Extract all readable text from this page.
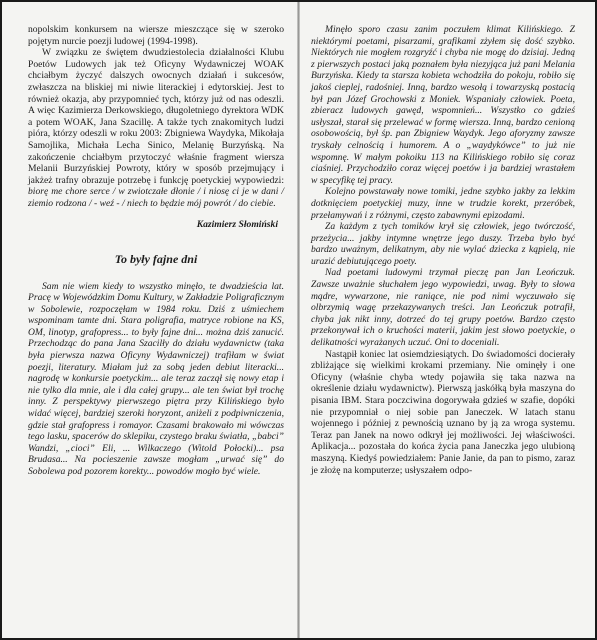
nopolskim konkursem na wiersze mieszczące się w szeroko pojętym nurcie poezji ludowej (1994-1998).

W związku ze świętem dwudziestolecia działalności Klubu Poetów Ludowych jak też Oficyny Wydawniczej WOAK chciałbym życzyć dalszych owocnych działań i sukcesów, zwłaszcza na bliskiej mi niwie literackiej i edytorskiej. Jest to również okazja, aby przypomnieć tych, którzy już od nas odeszli. A więc Kazimierza Derkowskiego, długoletniego dyrektora WDK a potem WOAK, Jana Szacillę. A także tych znakomitych ludzi pióra, którzy odeszli w roku 2003: Zbigniewa Waydyka, Mikołaja Samojlika, Michała Lecha Sinico, Melanię Burzyńską. Na zakończenie chciałbym przytoczyć właśnie fragment wiersza Melanii Burzyńskiej Powroty, który w sposób przejmujący i jakżeż trafny obrazuje potrzebę i funkcję poetyckiej wypowiedzi: biorę me chore serce / w zwiotczałe dłonie / i niosę ci je w dani / ziemio rodzona / - weź - / niech to będzie mój powrót / do ciebie.

Kazimierz Słomiński
To były fajne dni

Sam nie wiem kiedy to wszystko minęło, te dwadzieścia lat. Pracę w Wojewódzkim Domu Kultury, w Zakładzie Poligraficznym w Sobolewie, rozpoczęłam w 1984 roku. Dziś z uśmiechem wspominam tamte dni. Stara poligrafia, matryce robione na KS, OM, linotyp, grafopress... to były fajne dni... można dziś zanucić. Przechodząc do pana Jana Szacilły do działu wydawnictw (taka była pierwsza nazwa Oficyny Wydawniczej) trafiłam w świat poezji, literatury. Miałam już za sobą jeden debiut literacki... nagrodę w konkursie poetyckim... ale teraz zaczął się nowy etap i nie tylko dla mnie, ale i dla całej grupy... ale ten świat był trochę inny. Z perspektywy pierwszego piętra przy Kilińskiego było widać więcej, bardziej szeroki horyzont, aniżeli z podpiwniczenia, gdzie stał grafopress i romayor. Czasami brakowało mi wówczas tego lasku, spacerów do sklepiku, czystego braku światła, „babci” Wandzi, „cioci” Eli, ... Wilkaczego (Witold Połocki)... psa Brudasa... Na pocieszenie zawsze mogłam „urwać się” do Sobolewa pod pozorem korekty... powodów mogło być wiele.

Minęło sporo czasu zanim poczułem klimat Kilińskiego. Z niektórymi poetami, pisarzami, grafikami zżyłem się dość szybko. Niektórych nie mogłem rozgryźć i chyba nie mogę do dzisiaj. Jedną z pierwszych postaci jaką poznałem była niezyjąca już pani Melania Burzyńska. Kiedy ta starsza kobieta wchodziła do pokoju, robiło się jakoś cieplej, radośniej. Inną, bardzo wesołą i towarzyską postacią był pan Józef Grochowski z Moniek. Wspaniały człowiek. Poeta, zbieracz ludowych gawęd, wspomnień... Wszystko co gdzieś usłyszał, starał się przelewać w formę wiersza. Inną, bardzo cenioną osobowością, był śp. pan Zbigniew Waydyk. Jego aforyzmy zawsze tryskały celnością i humorem. A o „waydykówce” to już nie wspomnę. W małym pokoiku 113 na Kilińskiego robiło się coraz ciaśniej. Przychodziło coraz więcej poetów i ja bardziej wrastałem w specyfikę tej pracy.

Kolejno powstawały nowe tomiki, jedne szybko jakby za lekkim dotknięciem poetyckiej muzy, inne w trudzie korekt, przeróbek, przełamywań i z różnymi, często zabawnymi epizodami.

Za każdym z tych tomików krył się człowiek, jego twórczość, przeżycia... jakby intymne wnętrze jego duszy. Trzeba było być bardzo uważnym, delikatnym, aby nie wylać dziecka z kąpielą, nie urazić debiutującego poety.

Nad poetami ludowymi trzymał pieczę pan Jan Leończuk. Zawsze uważnie słuchałem jego wypowiedzi, uwag. Były to słowa mądre, wywarzone, nie raniące, nie pod nimi wyczuwało się olbrzymią wagę przekazywanych treści. Jan Leończuk potrafił, chyba jak nikt inny, dotrzeć do tej grupy poetów. Bardzo często przekonywał ich o kruchości materii, jakim jest słowo poetyckie, o delikatności wyrażanych uczuć. Oni to doceniali.

Nastąpił koniec lat osiemdziesiątych. Do świadomości docierały zbliżające się wielkimi krokami przemiany. Nie ominęły i one Oficyny (właśnie chyba wtedy pojawiła się taka nazwa na określenie działu wydawnictw). Pierwszą jaskółką była maszyna do pisania IBM. Stara poczciwina dogorywała gdzieś w szafie, dopóki nie przypomniał o niej sobie pan Janeczek. W latach stanu wojennego i później z pewnością uznano by ją za wroga systemu. Teraz pan Janek na nowo odkrył jej możliwości. Jej właściwości. Aplikacja... pozostała do końca życia pana Janeczka jego ulubioną maszyną. Kiedyś powiedziałem: Panie Janie, da pan to pismo, zaraz je złożę na komputerze; usłyszałem odpo-
